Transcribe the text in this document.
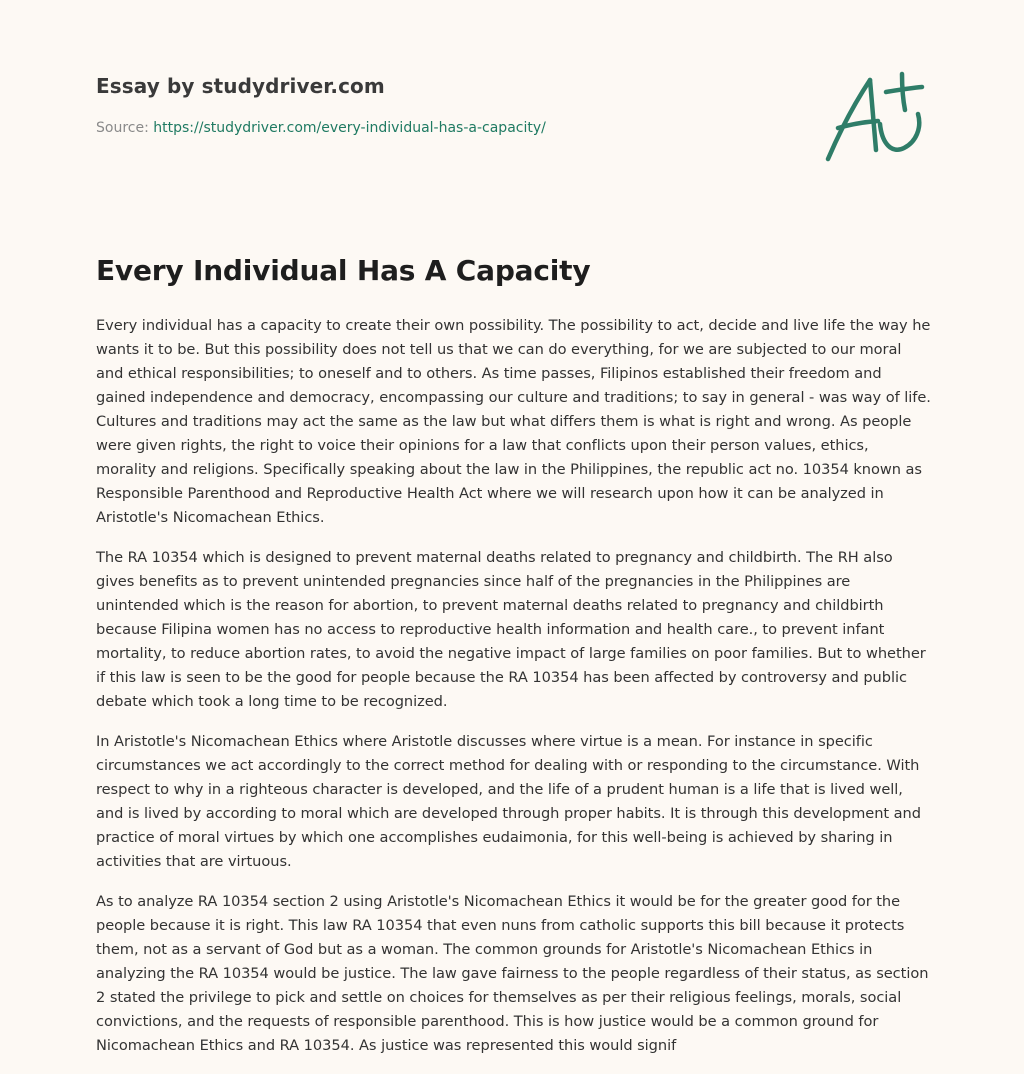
Essay by studydriver.com
Source: https://studydriver.com/every-individual-has-a-capacity/
Every Individual Has A Capacity

Every individual has a capacity to create their own possibility. The possibility to act, decide and live life the way he wants it to be. But this possibility does not tell us that we can do everything, for we are subjected to our moral and ethical responsibilities; to oneself and to others. As time passes, Filipinos established their freedom and gained independence and democracy, encompassing our culture and traditions; to say in general - was way of life. Cultures and traditions may act the same as the law but what differs them is what is right and wrong. As people were given rights, the right to voice their opinions for a law that conflicts upon their person values, ethics, morality and religions. Specifically speaking about the law in the Philippines, the republic act no. 10354 known as Responsible Parenthood and Reproductive Health Act where we will research upon how it can be analyzed in Aristotle's Nicomachean Ethics.

The RA 10354 which is designed to prevent maternal deaths related to pregnancy and childbirth. The RH also gives benefits as to prevent unintended pregnancies since half of the pregnancies in the Philippines are unintended which is the reason for abortion, to prevent maternal deaths related to pregnancy and childbirth because Filipina women has no access to reproductive health information and health care., to prevent infant mortality, to reduce abortion rates, to avoid the negative impact of large families on poor families. But to whether if this law is seen to be the good for people because the RA 10354 has been affected by controversy and public debate which took a long time to be recognized.

In Aristotle's Nicomachean Ethics where Aristotle discusses where virtue is a mean. For instance in specific circumstances we act accordingly to the correct method for dealing with or responding to the circumstance. With respect to why in a righteous character is developed, and the life of a prudent human is a life that is lived well, and is lived by according to moral which are developed through proper habits. It is through this development and practice of moral virtues by which one accomplishes eudaimonia, for this well-being is achieved by sharing in activities that are virtuous.

As to analyze RA 10354 section 2 using Aristotle's Nicomachean Ethics it would be for the greater good for the people because it is right. This law RA 10354 that even nuns from catholic supports this bill because it protects them, not as a servant of God but as a woman. The common grounds for Aristotle's Nicomachean Ethics in analyzing the RA 10354 would be justice. The law gave fairness to the people regardless of their status, as section 2 stated the privilege to pick and settle on choices for themselves as per their religious feelings, morals, social convictions, and the requests of responsible parenthood. This is how justice would be a common ground for Nicomachean Ethics and RA 10354. As justice was represented this would signif
